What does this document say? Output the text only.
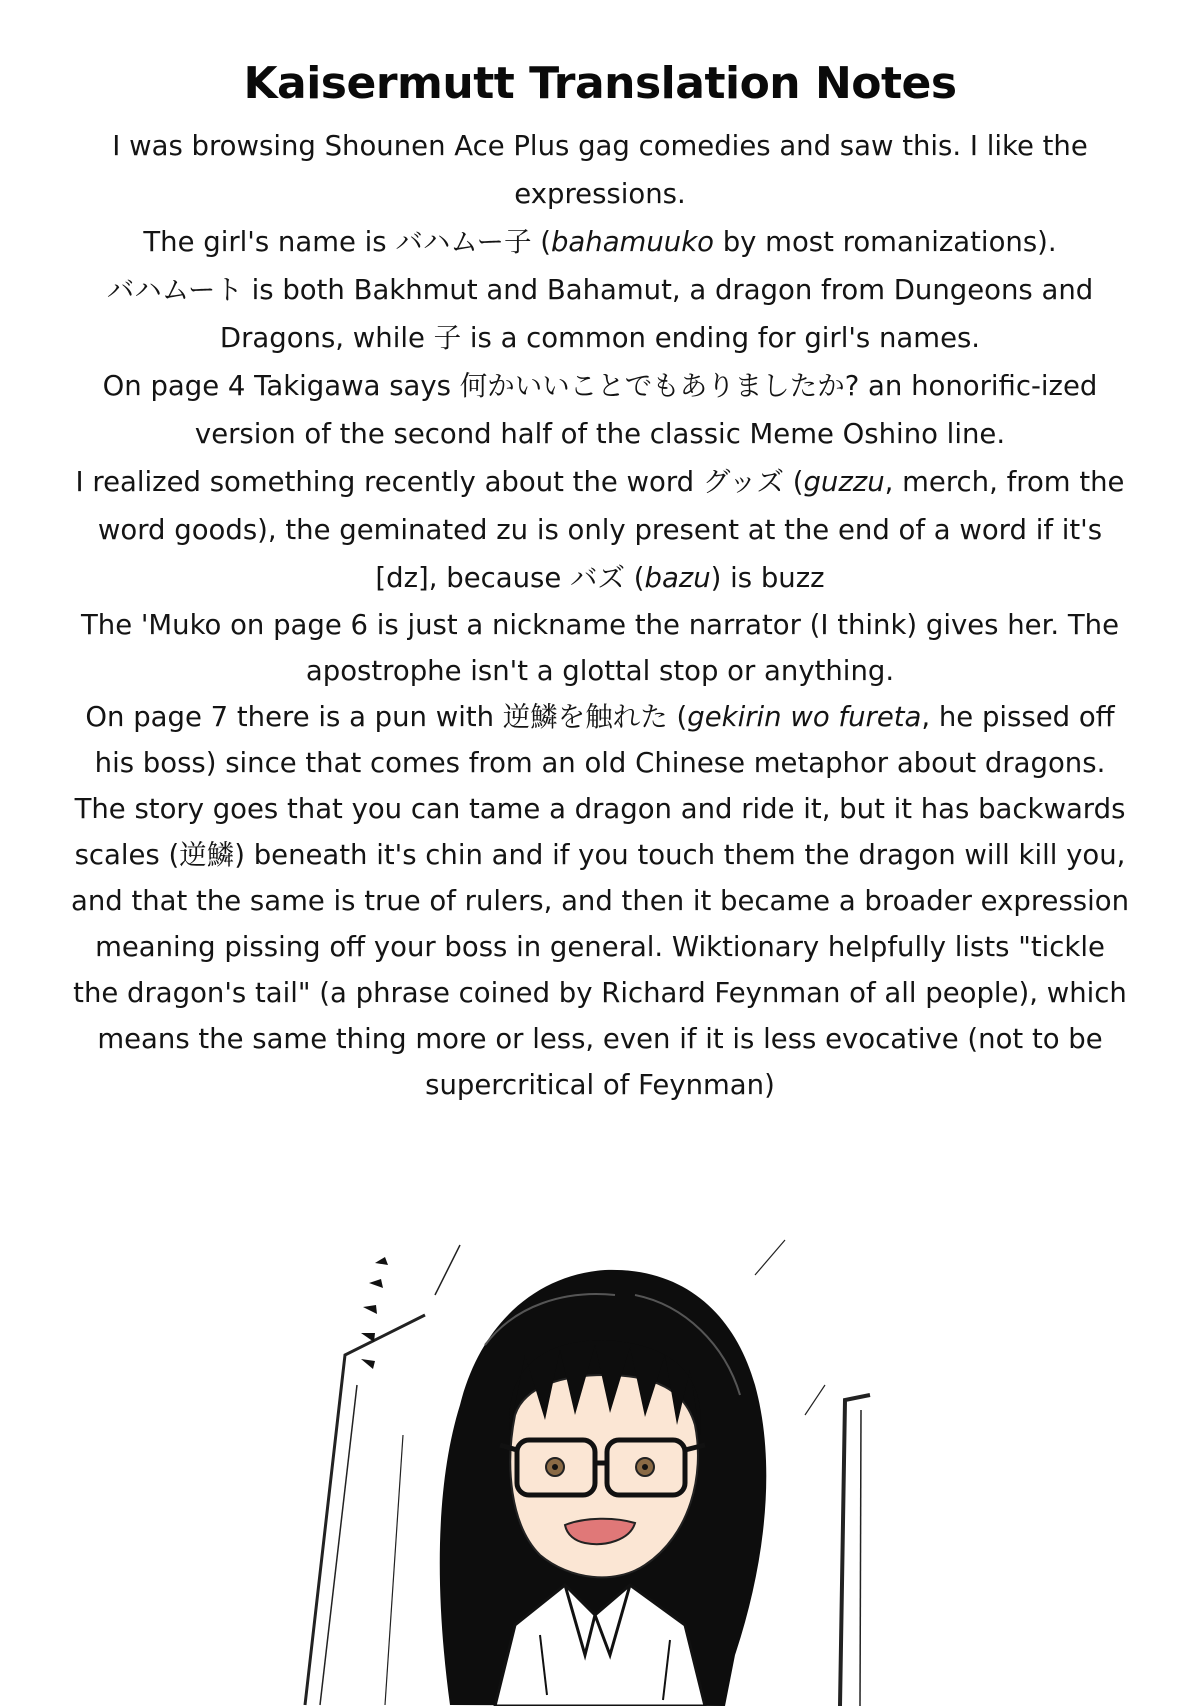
Kaisermutt Translation Notes

I was browsing Shounen Ace Plus gag comedies and saw this. I like the expressions.

The girl's name is バハムー子 (bahamuuko by most romanizations).

バハムート is both Bakhmut and Bahamut, a dragon from Dungeons and Dragons, while 子 is a common ending for girl's names.

On page 4 Takigawa says 何かいいことでもありましたか? an honorific-ized version of the second half of the classic Meme Oshino line.

I realized something recently about the word グッズ (guzzu, merch, from the word goods), the geminated zu is only present at the end of a word if it's [dz], because バズ (bazu) is buzz

The 'Muko on page 6 is just a nickname the narrator (I think) gives her. The apostrophe isn't a glottal stop or anything.

On page 7 there is a pun with 逆鱗を触れた (gekirin wo fureta, he pissed off his boss) since that comes from an old Chinese metaphor about dragons. The story goes that you can tame a dragon and ride it, but it has backwards scales (逆鱗) beneath it's chin and if you touch them the dragon will kill you, and that the same is true of rulers, and then it became a broader expression meaning pissing off your boss in general. Wiktionary helpfully lists "tickle the dragon's tail" (a phrase coined by Richard Feynman of all people), which means the same thing more or less, even if it is less evocative (not to be supercritical of Feynman)
